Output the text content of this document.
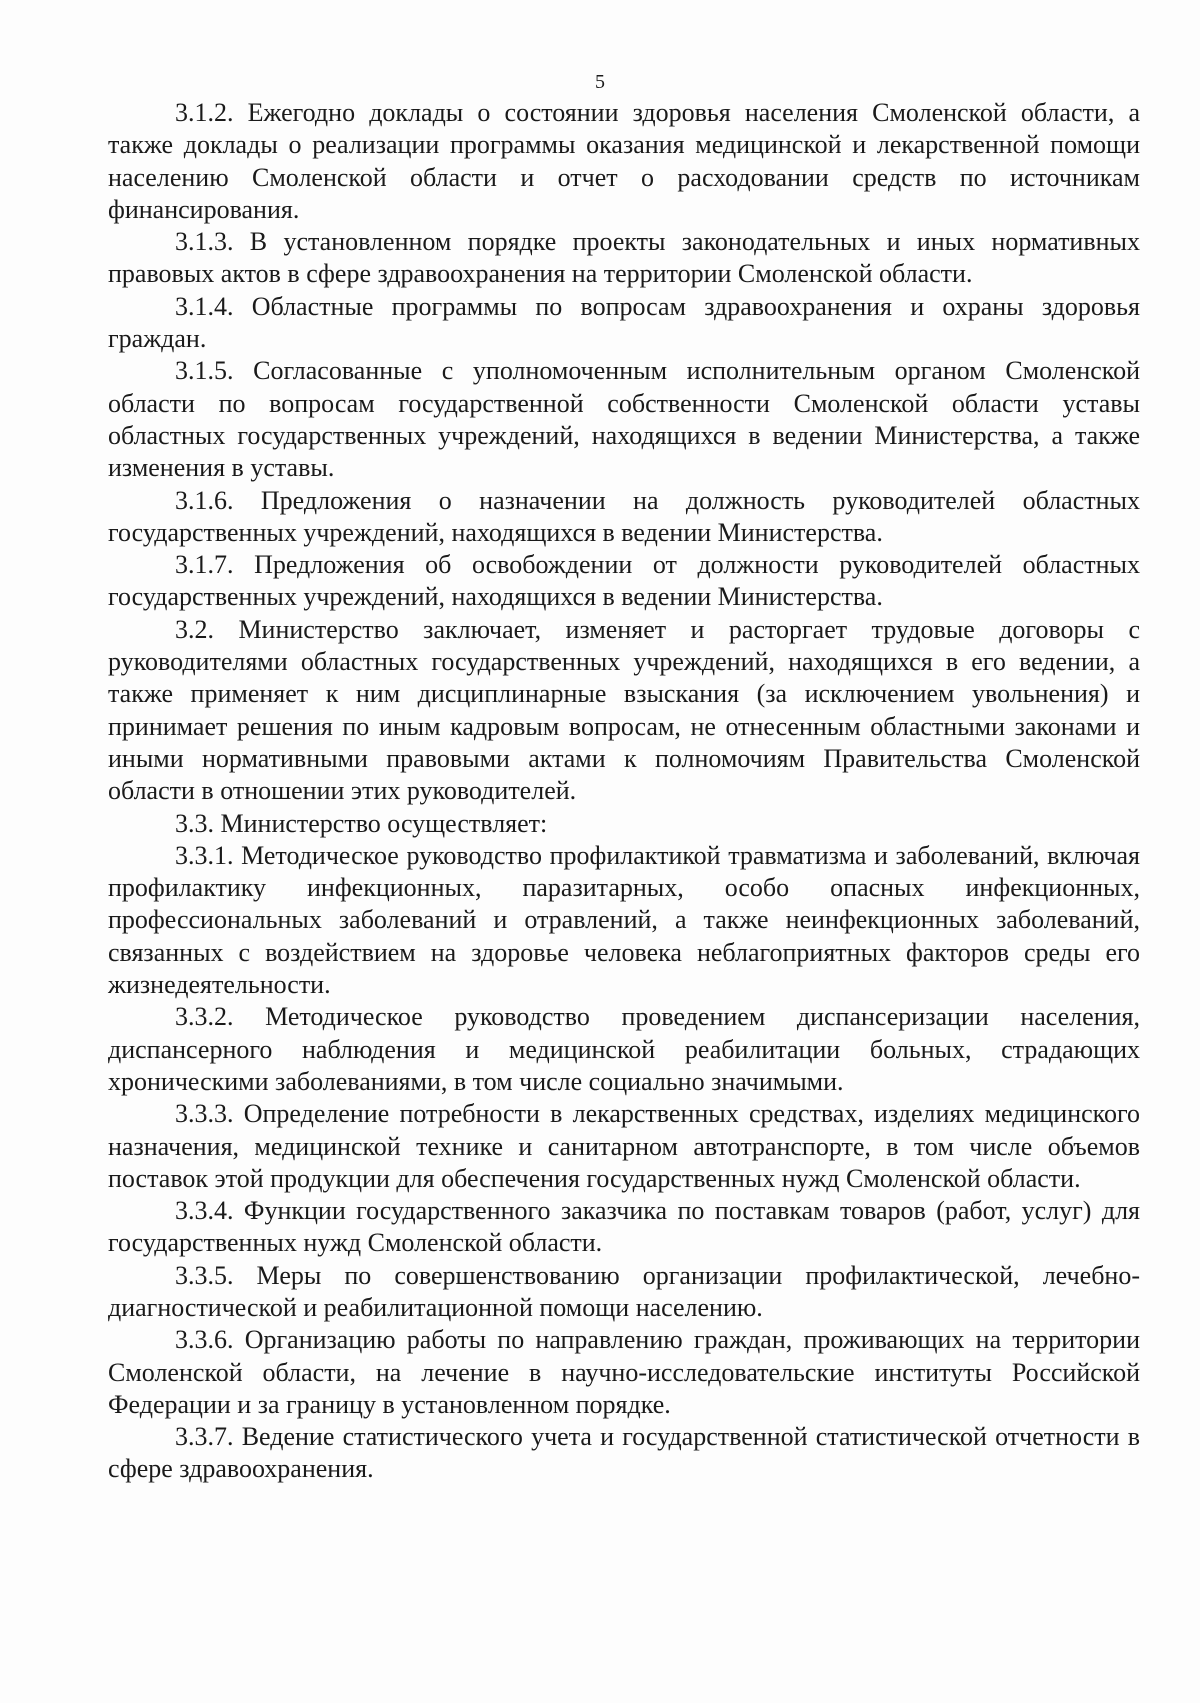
5

3.1.2. Ежегодно доклады о состоянии здоровья населения Смоленской области, а также доклады о реализации программы оказания медицинской и лекарственной помощи населению Смоленской области и отчет о расходовании средств по источникам финансирования.

3.1.3. В установленном порядке проекты законодательных и иных нормативных правовых актов в сфере здравоохранения на территории Смоленской области.

3.1.4. Областные программы по вопросам здравоохранения и охраны здоровья граждан.

3.1.5. Согласованные с уполномоченным исполнительным органом Смоленской области по вопросам государственной собственности Смоленской области уставы областных государственных учреждений, находящихся в ведении Министерства, а также изменения в уставы.

3.1.6. Предложения о назначении на должность руководителей областных государственных учреждений, находящихся в ведении Министерства.

3.1.7. Предложения об освобождении от должности руководителей областных государственных учреждений, находящихся в ведении Министерства.

3.2. Министерство заключает, изменяет и расторгает трудовые договоры с руководителями областных государственных учреждений, находящихся в его ведении, а также применяет к ним дисциплинарные взыскания (за исключением увольнения) и принимает решения по иным кадровым вопросам, не отнесенным областными законами и иными нормативными правовыми актами к полномочиям Правительства Смоленской области в отношении этих руководителей.

3.3. Министерство осуществляет:

3.3.1. Методическое руководство профилактикой травматизма и заболеваний, включая профилактику инфекционных, паразитарных, особо опасных инфекционных, профессиональных заболеваний и отравлений, а также неинфекционных заболеваний, связанных с воздействием на здоровье человека неблагоприятных факторов среды его жизнедеятельности.

3.3.2. Методическое руководство проведением диспансеризации населения, диспансерного наблюдения и медицинской реабилитации больных, страдающих хроническими заболеваниями, в том числе социально значимыми.

3.3.3. Определение потребности в лекарственных средствах, изделиях медицинского назначения, медицинской технике и санитарном автотранспорте, в том числе объемов поставок этой продукции для обеспечения государственных нужд Смоленской области.

3.3.4. Функции государственного заказчика по поставкам товаров (работ, услуг) для государственных нужд Смоленской области.

3.3.5. Меры по совершенствованию организации профилактической, лечебно-диагностической и реабилитационной помощи населению.

3.3.6. Организацию работы по направлению граждан, проживающих на территории Смоленской области, на лечение в научно-исследовательские институты Российской Федерации и за границу в установленном порядке.

3.3.7. Ведение статистического учета и государственной статистической отчетности в сфере здравоохранения.
